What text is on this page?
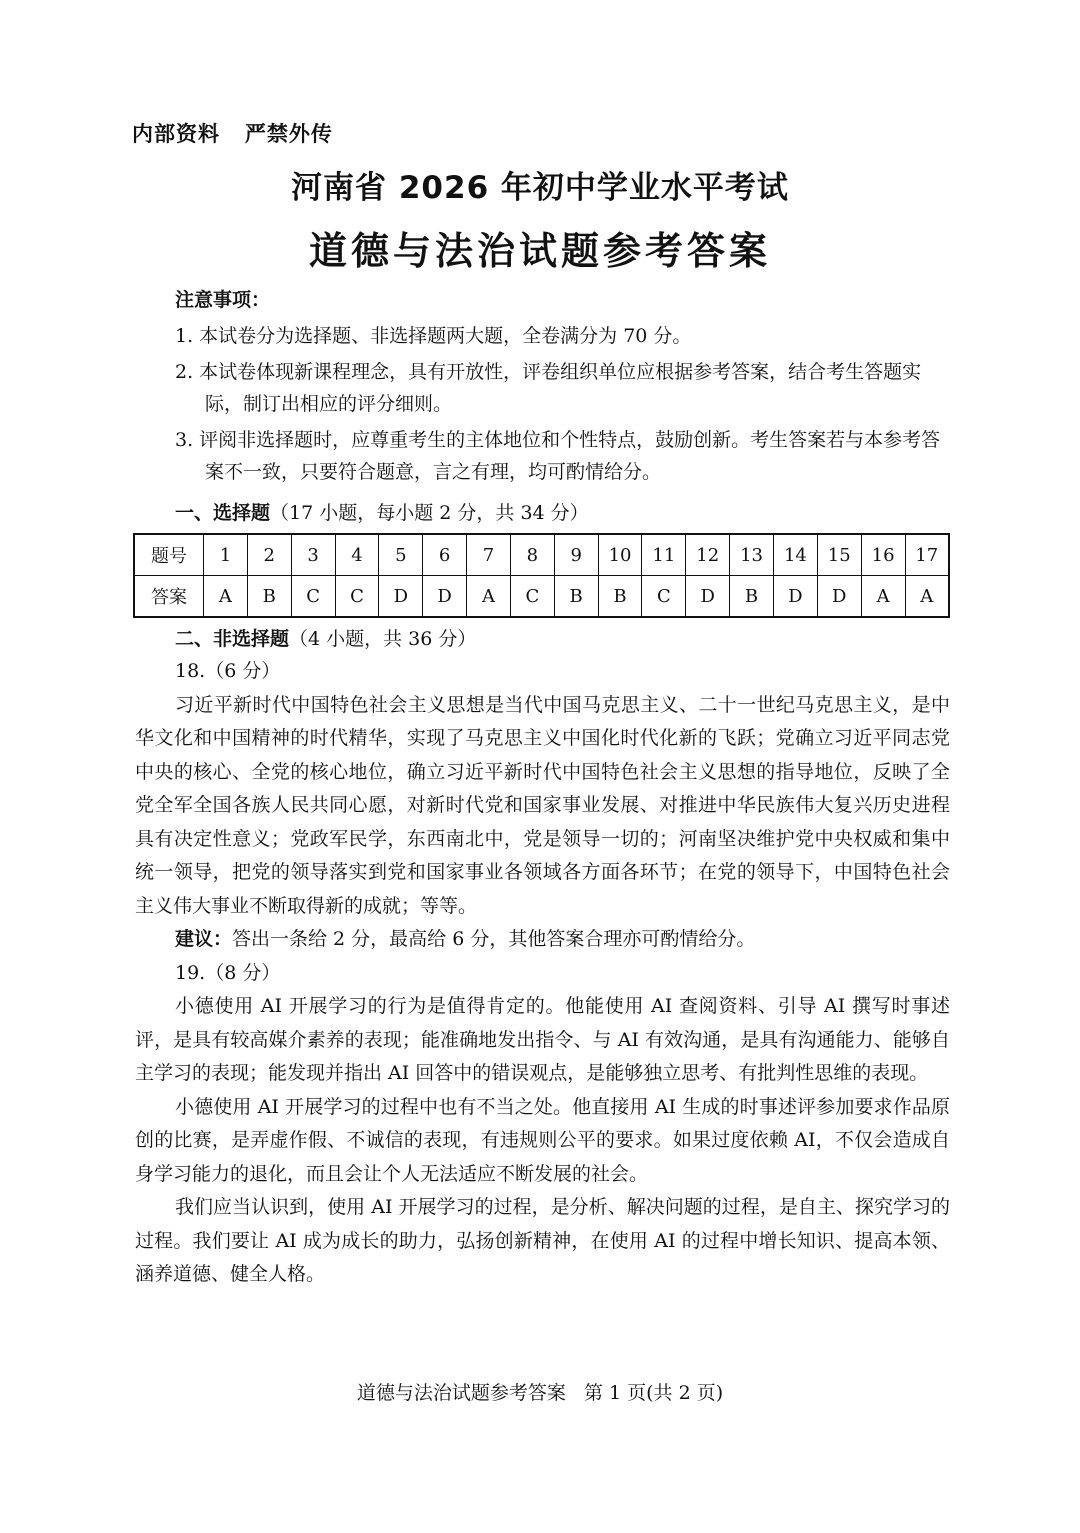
内部资料   严禁外传
河南省 2026 年初中学业水平考试
道德与法治试题参考答案
注意事项：
1. 本试卷分为选择题、非选择题两大题，全卷满分为 70 分。
2. 本试卷体现新课程理念，具有开放性，评卷组织单位应根据参考答案，结合考生答题实际，制订出相应的评分细则。
3. 评阅非选择题时，应尊重考生的主体地位和个性特点，鼓励创新。考生答案若与本参考答案不一致，只要符合题意，言之有理，均可酌情给分。
一、选择题（17 小题，每小题 2 分，共 34 分）
题号	1	2	3	4	5	6	7	8	9	10	11	12	13	14	15	16	17
答案	A	B	C	C	D	D	A	C	B	B	C	D	B	D	D	A	A
二、非选择题（4 小题，共 36 分）
18.（6 分）

习近平新时代中国特色社会主义思想是当代中国马克思主义、二十一世纪马克思主义，是中华文化和中国精神的时代精华，实现了马克思主义中国化时代化新的飞跃；党确立习近平同志党中央的核心、全党的核心地位，确立习近平新时代中国特色社会主义思想的指导地位，反映了全党全军全国各族人民共同心愿，对新时代党和国家事业发展、对推进中华民族伟大复兴历史进程具有决定性意义；党政军民学，东西南北中，党是领导一切的；河南坚决维护党中央权威和集中统一领导，把党的领导落实到党和国家事业各领域各方面各环节；在党的领导下，中国特色社会主义伟大事业不断取得新的成就；等等。

建议：答出一条给 2 分，最高给 6 分，其他答案合理亦可酌情给分。
19.（8 分）

小德使用 AI 开展学习的行为是值得肯定的。他能使用 AI 查阅资料、引导 AI 撰写时事述评，是具有较高媒介素养的表现；能准确地发出指令、与 AI 有效沟通，是具有沟通能力、能够自主学习的表现；能发现并指出 AI 回答中的错误观点，是能够独立思考、有批判性思维的表现。

小德使用 AI 开展学习的过程中也有不当之处。他直接用 AI 生成的时事述评参加要求作品原创的比赛，是弄虚作假、不诚信的表现，有违规则公平的要求。如果过度依赖 AI，不仅会造成自身学习能力的退化，而且会让个人无法适应不断发展的社会。

我们应当认识到，使用 AI 开展学习的过程，是分析、解决问题的过程，是自主、探究学习的过程。我们要让 AI 成为成长的助力，弘扬创新精神，在使用 AI 的过程中增长知识、提高本领、涵养道德、健全人格。

道德与法治试题参考答案   第 1 页(共 2 页)
